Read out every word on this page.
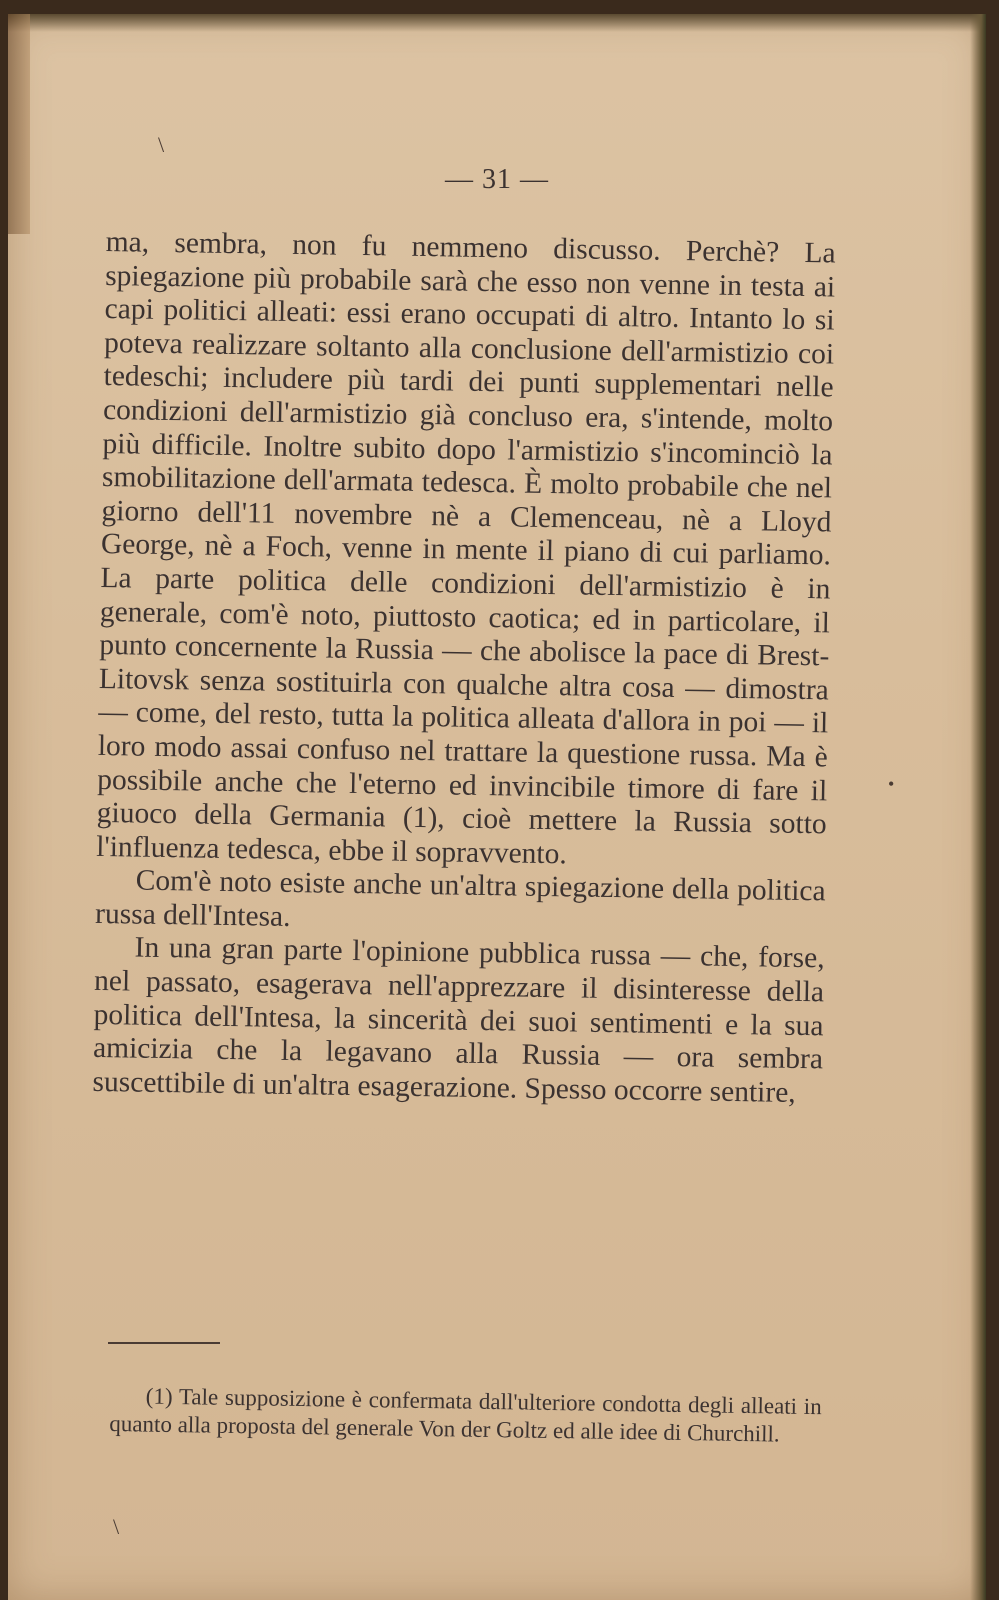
— 31 —

ma, sembra, non fu nemmeno discusso. Perchè? La spiegazione più probabile sarà che esso non venne in testa ai capi politici alleati: essi erano occupati di altro. Intanto lo si poteva realizzare soltanto alla conclusione dell'armistizio coi tedeschi; includere più tardi dei punti supplementari nelle condizioni dell'armistizio già concluso era, s'intende, molto più difficile. Inoltre subito dopo l'armistizio s'incominciò la smobilitazione dell'armata tedesca. È molto probabile che nel giorno dell'11 novembre nè a Clemenceau, nè a Lloyd George, nè a Foch, venne in mente il piano di cui parliamo. La parte politica delle condizioni dell'armistizio è in generale, com'è noto, piuttosto caotica; ed in particolare, il punto concernente la Russia — che abolisce la pace di Brest-Litovsk senza sostituirla con qualche altra cosa — dimostra — come, del resto, tutta la politica alleata d'allora in poi — il loro modo assai confuso nel trattare la questione russa. Ma è possibile anche che l'eterno ed invincibile timore di fare il giuoco della Germania (1), cioè mettere la Russia sotto l'influenza tedesca, ebbe il sopravvento.

Com'è noto esiste anche un'altra spiegazione della politica russa dell'Intesa.

In una gran parte l'opinione pubblica russa — che, forse, nel passato, esagerava nell'apprezzare il disinteresse della politica dell'Intesa, la sincerità dei suoi sentimenti e la sua amicizia che la legavano alla Russia — ora sembra suscettibile di un'altra esagerazione. Spesso occorre sentire,

(1) Tale supposizione è confermata dall'ulteriore condotta degli alleati in quanto alla proposta del generale Von der Goltz ed alle idee di Churchill.
\
•
\
